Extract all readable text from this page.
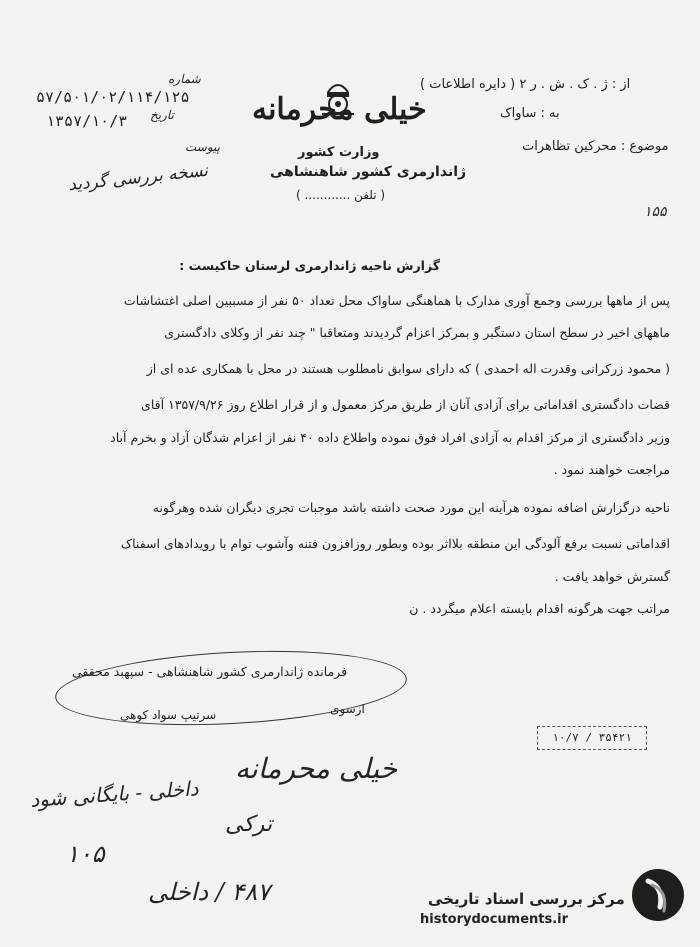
شماره
۵۷/۵۰۱/۰۲/۱۱۴/۱۲۵
تاریخ
۱۳۵۷/۱۰/۳
پیوست
نسخه بررسی گردید
خیلی محرمانه
وزارت کشور
ژاندارمری کشور شاهنشاهی
( تلفن ............ )
از : ژ . ک . ش . ر ۲ ( دایره اطلاعات )
به : ساواک
موضوع : محرکین تظاهرات
۱۵۵
گزارش ناحیه ژاندارمری لرستان حاکیست :
پس از ماهها بررسی وجمع آوری مدارک با هماهنگی ساواک محل تعداد ۵۰ نفر از مسببین اصلی اغتشاشات
ماههای اخیر در سطح استان دستگیر و بمرکز اعزام گردیدند ومتعاقبا " چند نفر از وکلای دادگستری
( محمود زرکرانی وقدرت اله احمدی ) که دارای سوابق نامطلوب هستند در محل با همکاری عده ای از
قضات دادگستری اقداماتی برای آزادی آنان از طریق مرکز معمول و از قرار اطلاع روز ۱۳۵۷/۹/۲۶ آقای
وزیر دادگستری از مرکز اقدام به آزادی افراد فوق نموده واطلاع داده ۴۰ نفر از اعزام شدگان آزاد و بخرم آباد
مراجعت خواهند نمود .
ناحیه درگزارش اضافه نموده هرآینه این مورد صحت داشته باشد موجبات تجری دیگران شده وهرگونه
اقداماتی نسبت برفع آلودگی این منطقه بلااثر بوده وبطور روزافزون فتنه وآشوب توام با رویدادهای اسفناک
گسترش خواهد یافت .
مراتب جهت هرگونه اقدام بایسته اعلام میگردد . ن
فرمانده ژاندارمری کشور شاهنشاهی - سپهبد محققی
ازسوی
سرتیپ سواد کوهی
۳۵۴۲۱ / ۱۰/۷
خیلی محرمانه
داخلی - بایگانی شود
ترکی
۱۰۵
۴۸۷ / داخلی	مرکز بررسی اسناد تاریخی
historydocuments.ir
